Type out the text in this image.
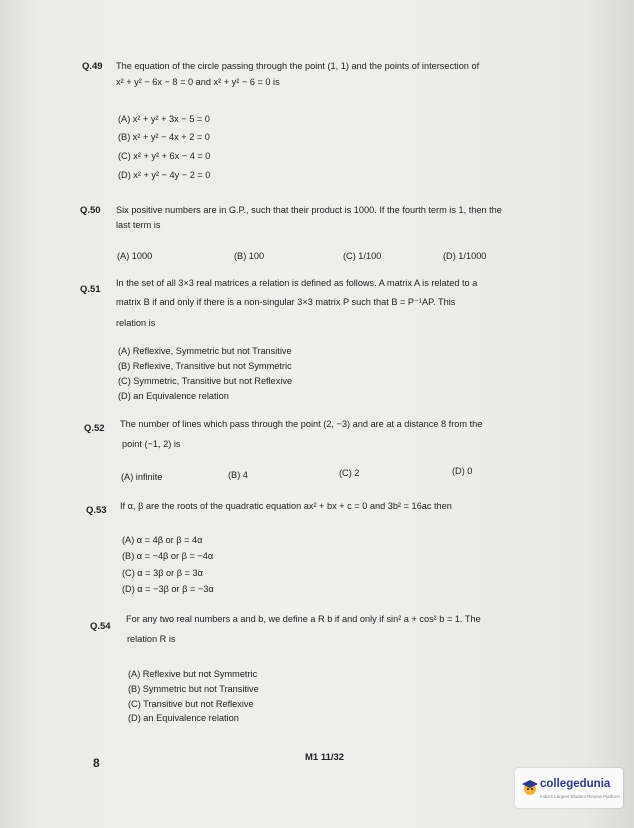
Q.49 The equation of the circle passing through the point (1, 1) and the points of intersection of
x² + y² − 6x − 8 = 0 and x² + y² − 6 = 0 is
(A) x² + y² + 3x − 5 = 0
(B) x² + y² − 4x + 2 = 0
(C) x² + y² + 6x − 4 = 0
(D) x² + y² − 4y − 2 = 0
Q.50 Six positive numbers are in G.P., such that their product is 1000. If the fourth term is 1, then the
last term is
(A) 1000	(B) 100	(C) 1/100	(D) 1/1000
Q.51
In the set of all 3×3 real matrices a relation is defined as follows. A matrix A is related to a
matrix B if and only if there is a non-singular 3×3 matrix P such that B = P⁻¹AP. This
relation is
(A) Reflexive, Symmetric but not Transitive
(B) Reflexive, Transitive but not Symmetric
(C) Symmetric, Transitive but not Reflexive
(D) an Equivalence relation
Q.52 The number of lines which pass through the point (2, −3) and are at a distance 8 from the
point (−1, 2) is
(A) infinite	(B) 4	(C) 2	(D) 0
Q.53 If α, β are the roots of the quadratic equation ax² + bx + c = 0 and 3b² = 16ac then
(A) α = 4β or β = 4α
(B) α = −4β or β = −4α
(C) α = 3β or β = 3α
(D) α = −3β or β = −3α
Q.54
For any two real numbers a and b, we define a R b if and only if sin² a + cos² b = 1. The
relation R is
(A) Reflexive but not Symmetric
(B) Symmetric but not Transitive
(C) Transitive but not Reflexive
(D) an Equivalence relation
8	M1 11/32
collegedunia
India's Largest Student Review Platform
